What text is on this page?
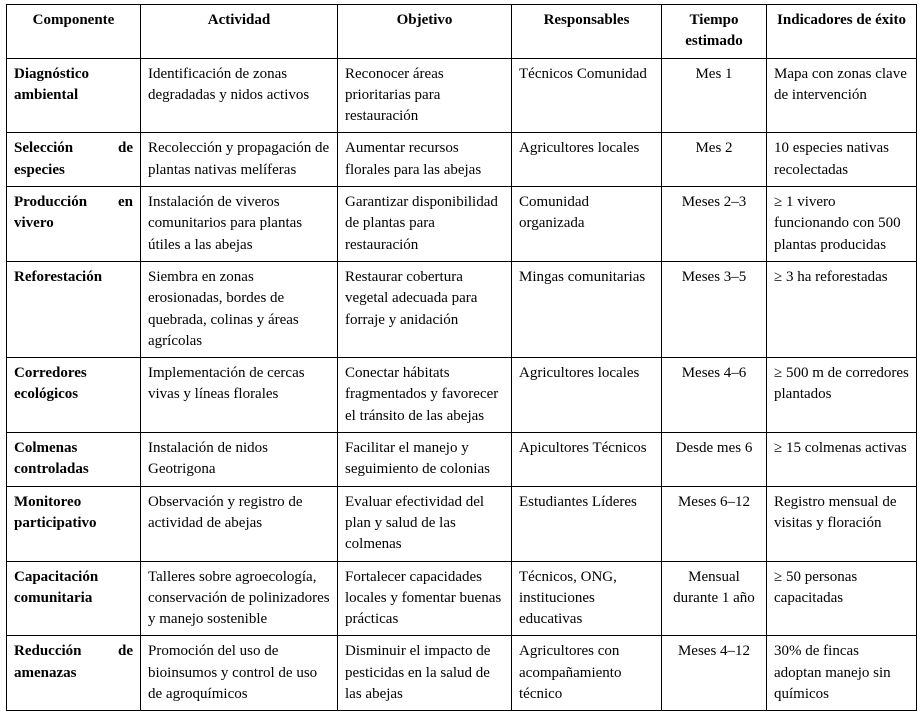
Componente	Actividad	Objetivo	Responsables	Tiempo estimado	Indicadores de éxito
Diagnóstico ambiental	Identificación de zonas degradadas y nidos activos	Reconocer áreas prioritarias para restauración	Técnicos Comunidad	Mes 1	Mapa con zonas clave de intervención
Selección de especies	Recolección y propagación de plantas nativas melíferas	Aumentar recursos florales para las abejas	Agricultores locales	Mes 2	10 especies nativas recolectadas
Producción en vivero	Instalación de viveros comunitarios para plantas útiles a las abejas	Garantizar disponibilidad de plantas para restauración	Comunidad organizada	Meses 2–3	≥ 1 vivero funcionando con 500 plantas producidas
Reforestación	Siembra en zonas erosionadas, bordes de quebrada, colinas y áreas agrícolas	Restaurar cobertura vegetal adecuada para forraje y anidación	Mingas comunitarias	Meses 3–5	≥ 3 ha reforestadas
Corredores ecológicos	Implementación de cercas vivas y líneas florales	Conectar hábitats fragmentados y favorecer el tránsito de las abejas	Agricultores locales	Meses 4–6	≥ 500 m de corredores plantados
Colmenas controladas	Instalación de nidos Geotrigona	Facilitar el manejo y seguimiento de colonias	Apicultores Técnicos	Desde mes 6	≥ 15 colmenas activas
Monitoreo participativo	Observación y registro de actividad de abejas	Evaluar efectividad del plan y salud de las colmenas	Estudiantes Líderes	Meses 6–12	Registro mensual de visitas y floración
Capacitación comunitaria	Talleres sobre agroecología, conservación de polinizadores y manejo sostenible	Fortalecer capacidades locales y fomentar buenas prácticas	Técnicos, ONG, instituciones educativas	Mensual durante 1 año	≥ 50 personas capacitadas
Reducción de amenazas	Promoción del uso de bioinsumos y control de uso de agroquímicos	Disminuir el impacto de pesticidas en la salud de las abejas	Agricultores con acompañamiento técnico	Meses 4–12	30% de fincas adoptan manejo sin químicos
